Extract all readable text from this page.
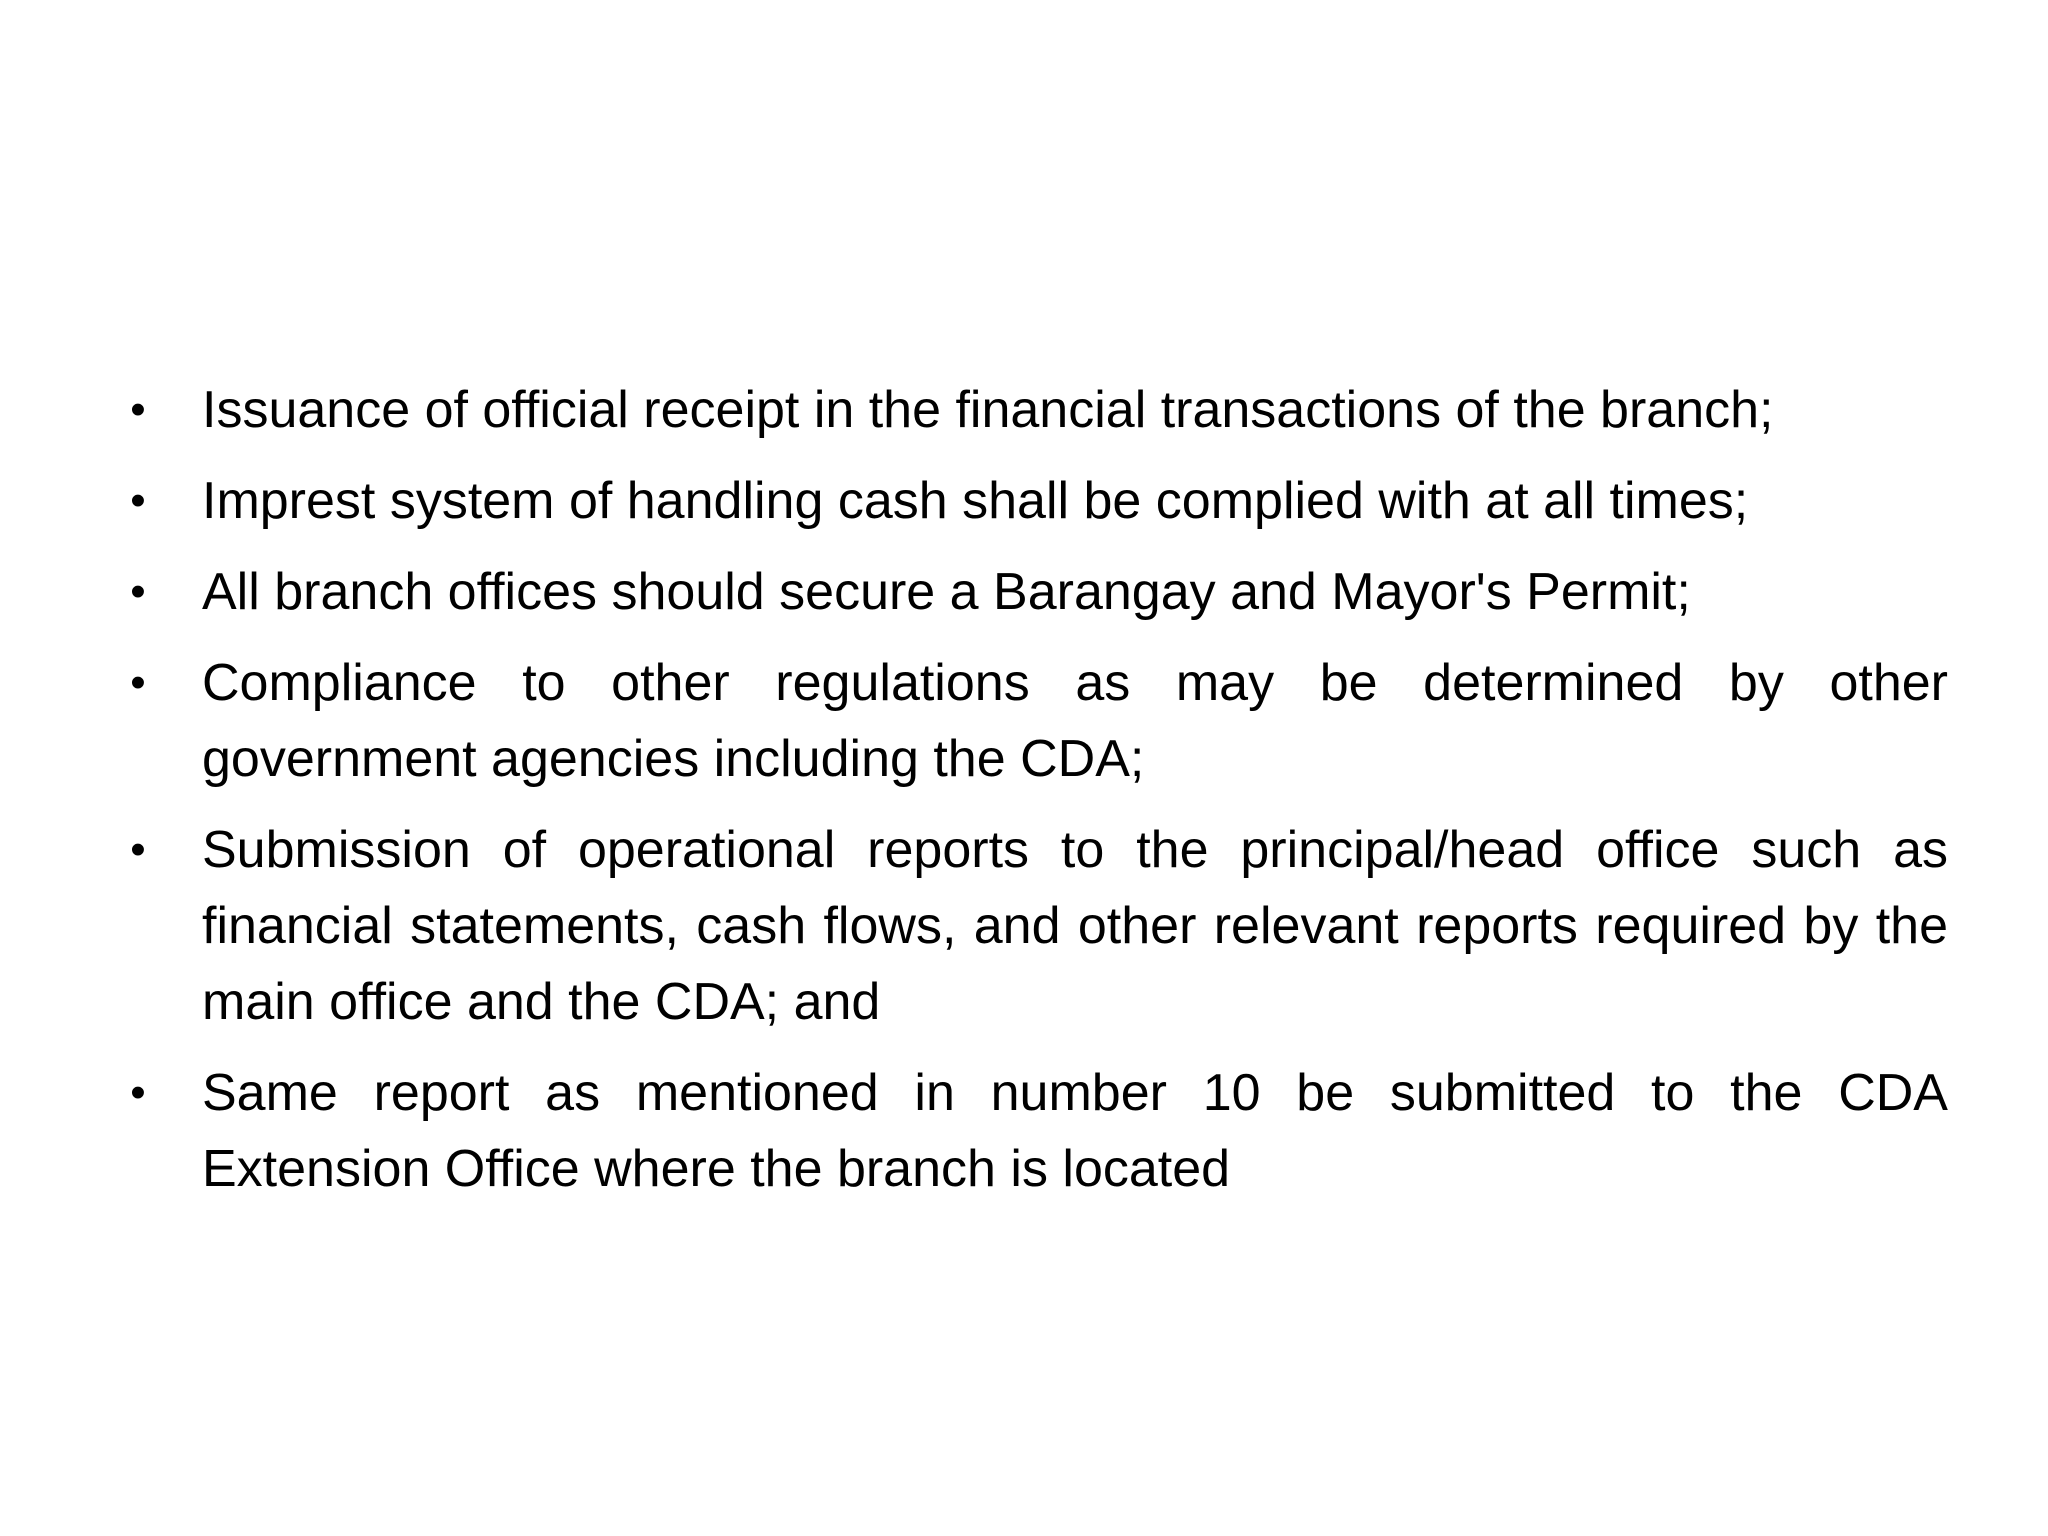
• Issuance of official receipt in the financial transactions of the branch;
• Imprest system of handling cash shall be complied with at all times;
• All branch offices should secure a Barangay and Mayor's Permit;
• Compliance to other regulations as may be determined by other government agencies including the CDA;
• Submission of operational reports to the principal/head office such as financial statements, cash flows, and other relevant reports required by the main office and the CDA; and
• Same report as mentioned in number 10 be submitted to the CDA Extension Office where the branch is located
